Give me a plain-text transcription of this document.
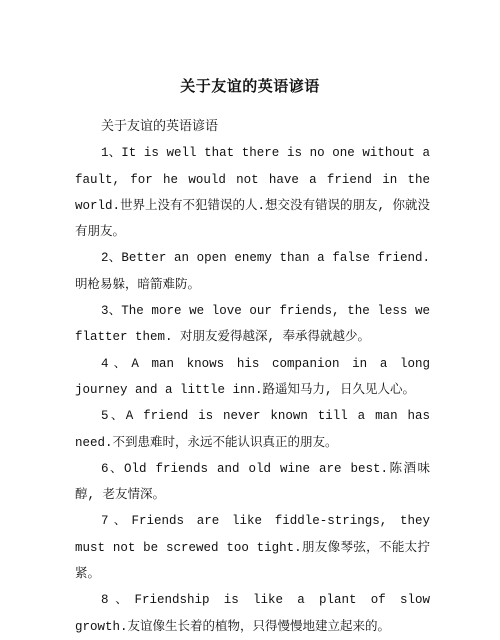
关于友谊的英语谚语

关于友谊的英语谚语

1、It is well that there is no one without a fault, for he would not have a friend in the world.世界上没有不犯错误的人.想交没有错误的朋友, 你就没有朋友。

2、Better an open enemy than a false friend.明枪易躲，暗箭难防。

3、The more we love our friends, the less we flatter them. 对朋友爱得越深, 奉承得就越少。

4、A man knows his companion in a long journey and a little inn.路遥知马力, 日久见人心。

5、A friend is never known till a man has need.不到患难时，永远不能认识真正的朋友。

6、Old friends and old wine are best.陈酒味醇, 老友情深。

7、Friends are like fiddle-strings, they must not be screwed too tight.朋友像琴弦，不能太拧紧。

8、Friendship is like a plant of slow growth.友谊像生长着的植物，只得慢慢地建立起来的。
